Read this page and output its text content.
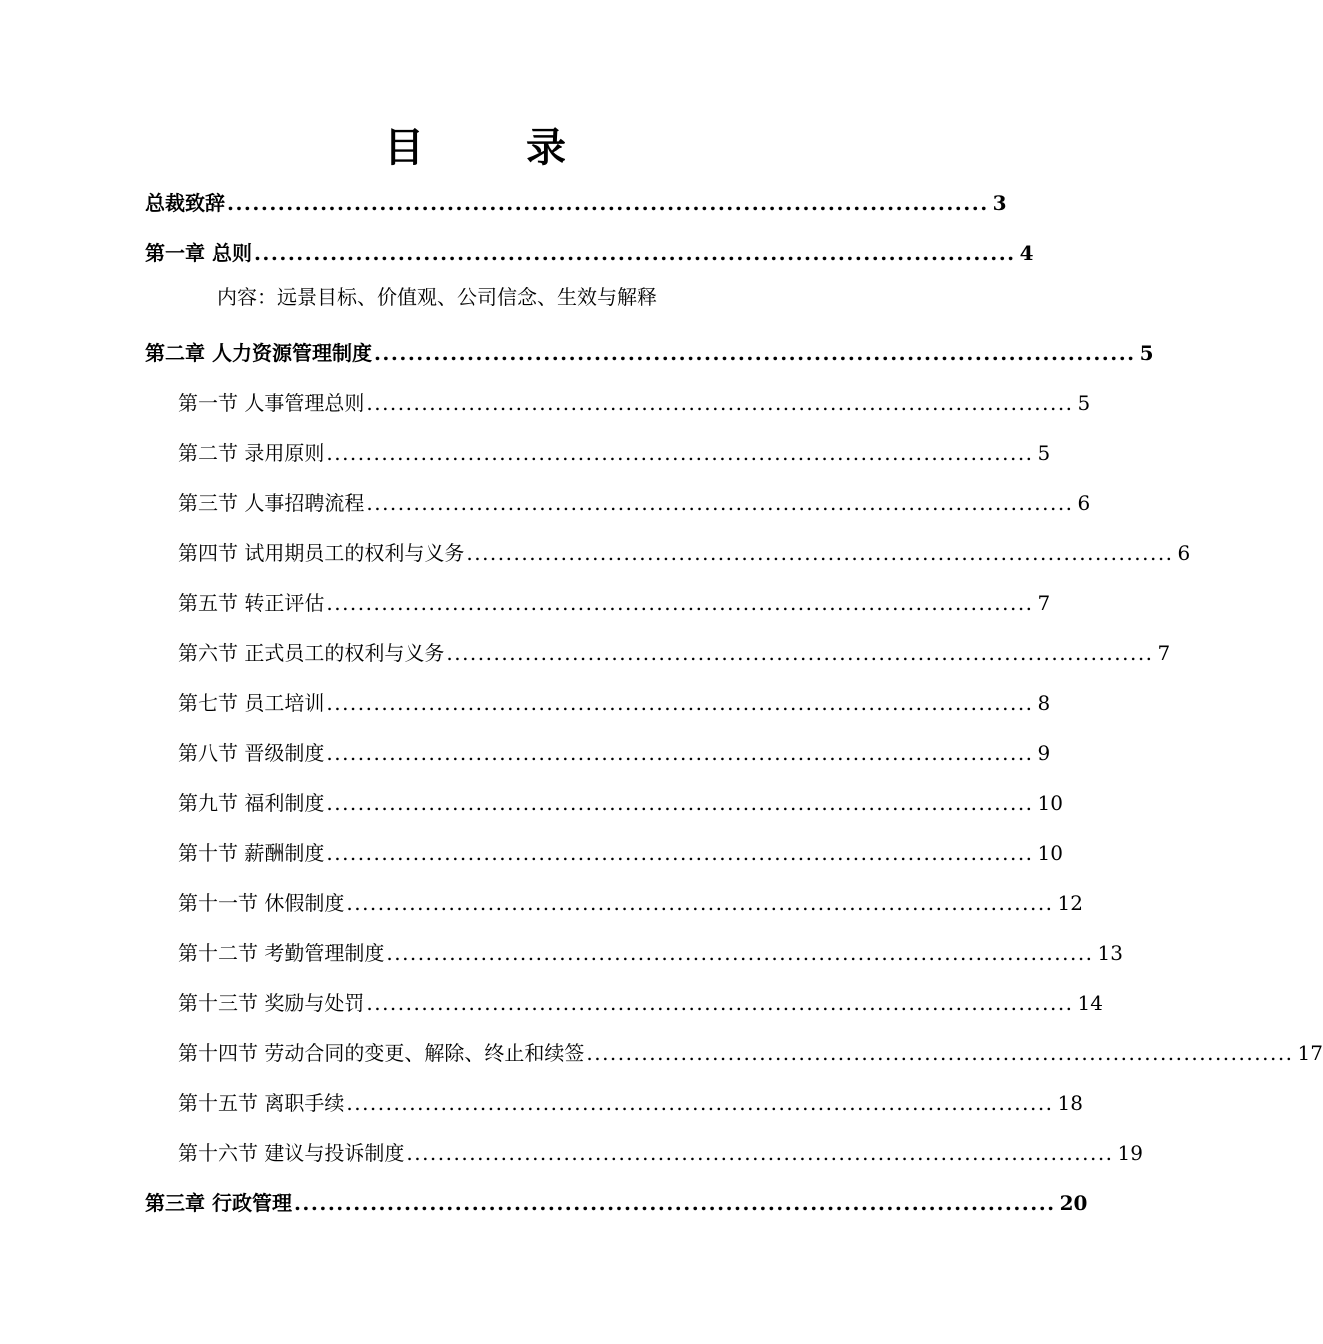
目 录
总裁致辞 .......................................................................................... 3
第一章 总则 .......................................................................................... 4
内容：远景目标、价值观、公司信念、生效与解释
第二章 人力资源管理制度 .......................................................................................... 5
第一节 人事管理总则 .......................................................................................... 5
第二节 录用原则 .......................................................................................... 5
第三节 人事招聘流程 .......................................................................................... 6
第四节 试用期员工的权利与义务 .......................................................................................... 6
第五节 转正评估 .......................................................................................... 7
第六节 正式员工的权利与义务 .......................................................................................... 7
第七节 员工培训 .......................................................................................... 8
第八节 晋级制度 .......................................................................................... 9
第九节 福利制度 .......................................................................................... 10
第十节 薪酬制度 .......................................................................................... 10
第十一节 休假制度 .......................................................................................... 12
第十二节 考勤管理制度 .......................................................................................... 13
第十三节 奖励与处罚 .......................................................................................... 14
第十四节 劳动合同的变更、解除、终止和续签 .......................................................................................... 17
第十五节 离职手续 .......................................................................................... 18
第十六节 建议与投诉制度 .......................................................................................... 19
第三章 行政管理 .......................................................................................... 20
